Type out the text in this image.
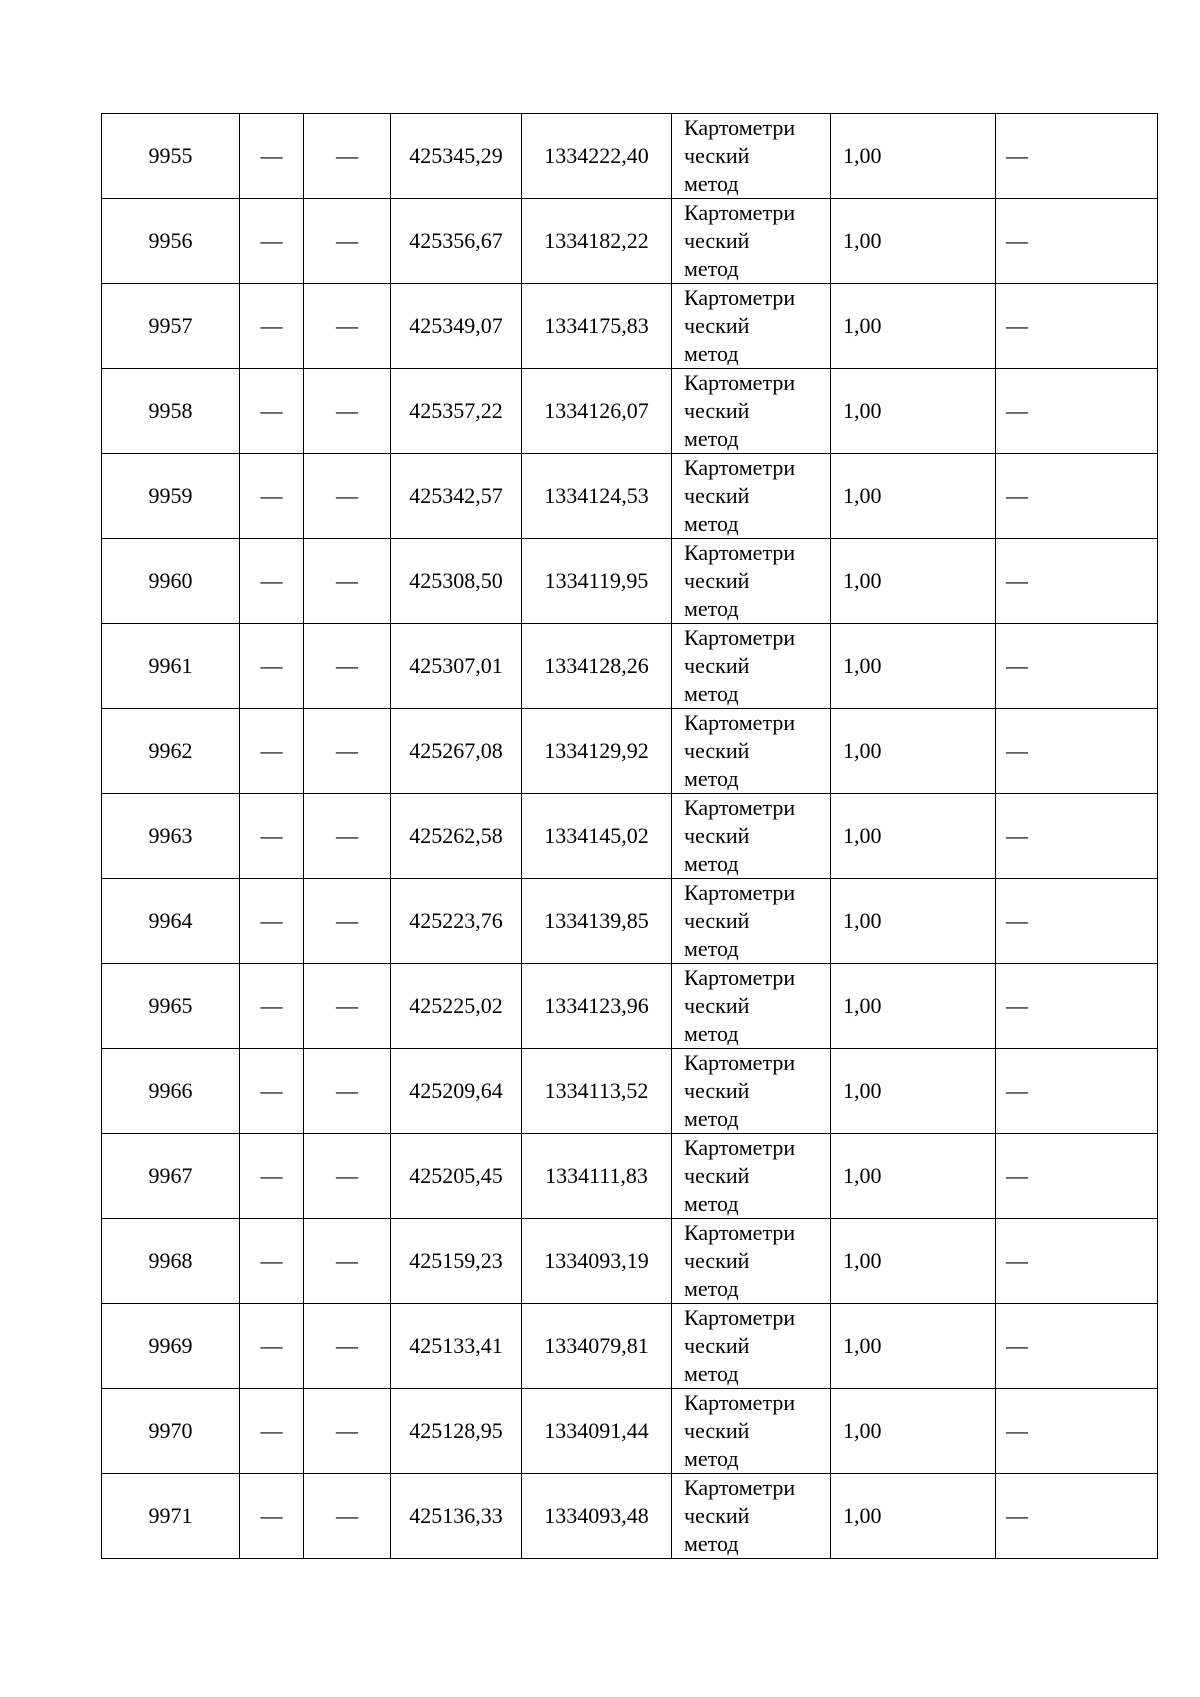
9955	—	—	425345,29	1334222,40	Картометри
ческий
метод	1,00	—
9956	—	—	425356,67	1334182,22	Картометри
ческий
метод	1,00	—
9957	—	—	425349,07	1334175,83	Картометри
ческий
метод	1,00	—
9958	—	—	425357,22	1334126,07	Картометри
ческий
метод	1,00	—
9959	—	—	425342,57	1334124,53	Картометри
ческий
метод	1,00	—
9960	—	—	425308,50	1334119,95	Картометри
ческий
метод	1,00	—
9961	—	—	425307,01	1334128,26	Картометри
ческий
метод	1,00	—
9962	—	—	425267,08	1334129,92	Картометри
ческий
метод	1,00	—
9963	—	—	425262,58	1334145,02	Картометри
ческий
метод	1,00	—
9964	—	—	425223,76	1334139,85	Картометри
ческий
метод	1,00	—
9965	—	—	425225,02	1334123,96	Картометри
ческий
метод	1,00	—
9966	—	—	425209,64	1334113,52	Картометри
ческий
метод	1,00	—
9967	—	—	425205,45	1334111,83	Картометри
ческий
метод	1,00	—
9968	—	—	425159,23	1334093,19	Картометри
ческий
метод	1,00	—
9969	—	—	425133,41	1334079,81	Картометри
ческий
метод	1,00	—
9970	—	—	425128,95	1334091,44	Картометри
ческий
метод	1,00	—
9971	—	—	425136,33	1334093,48	Картометри
ческий
метод	1,00	—
